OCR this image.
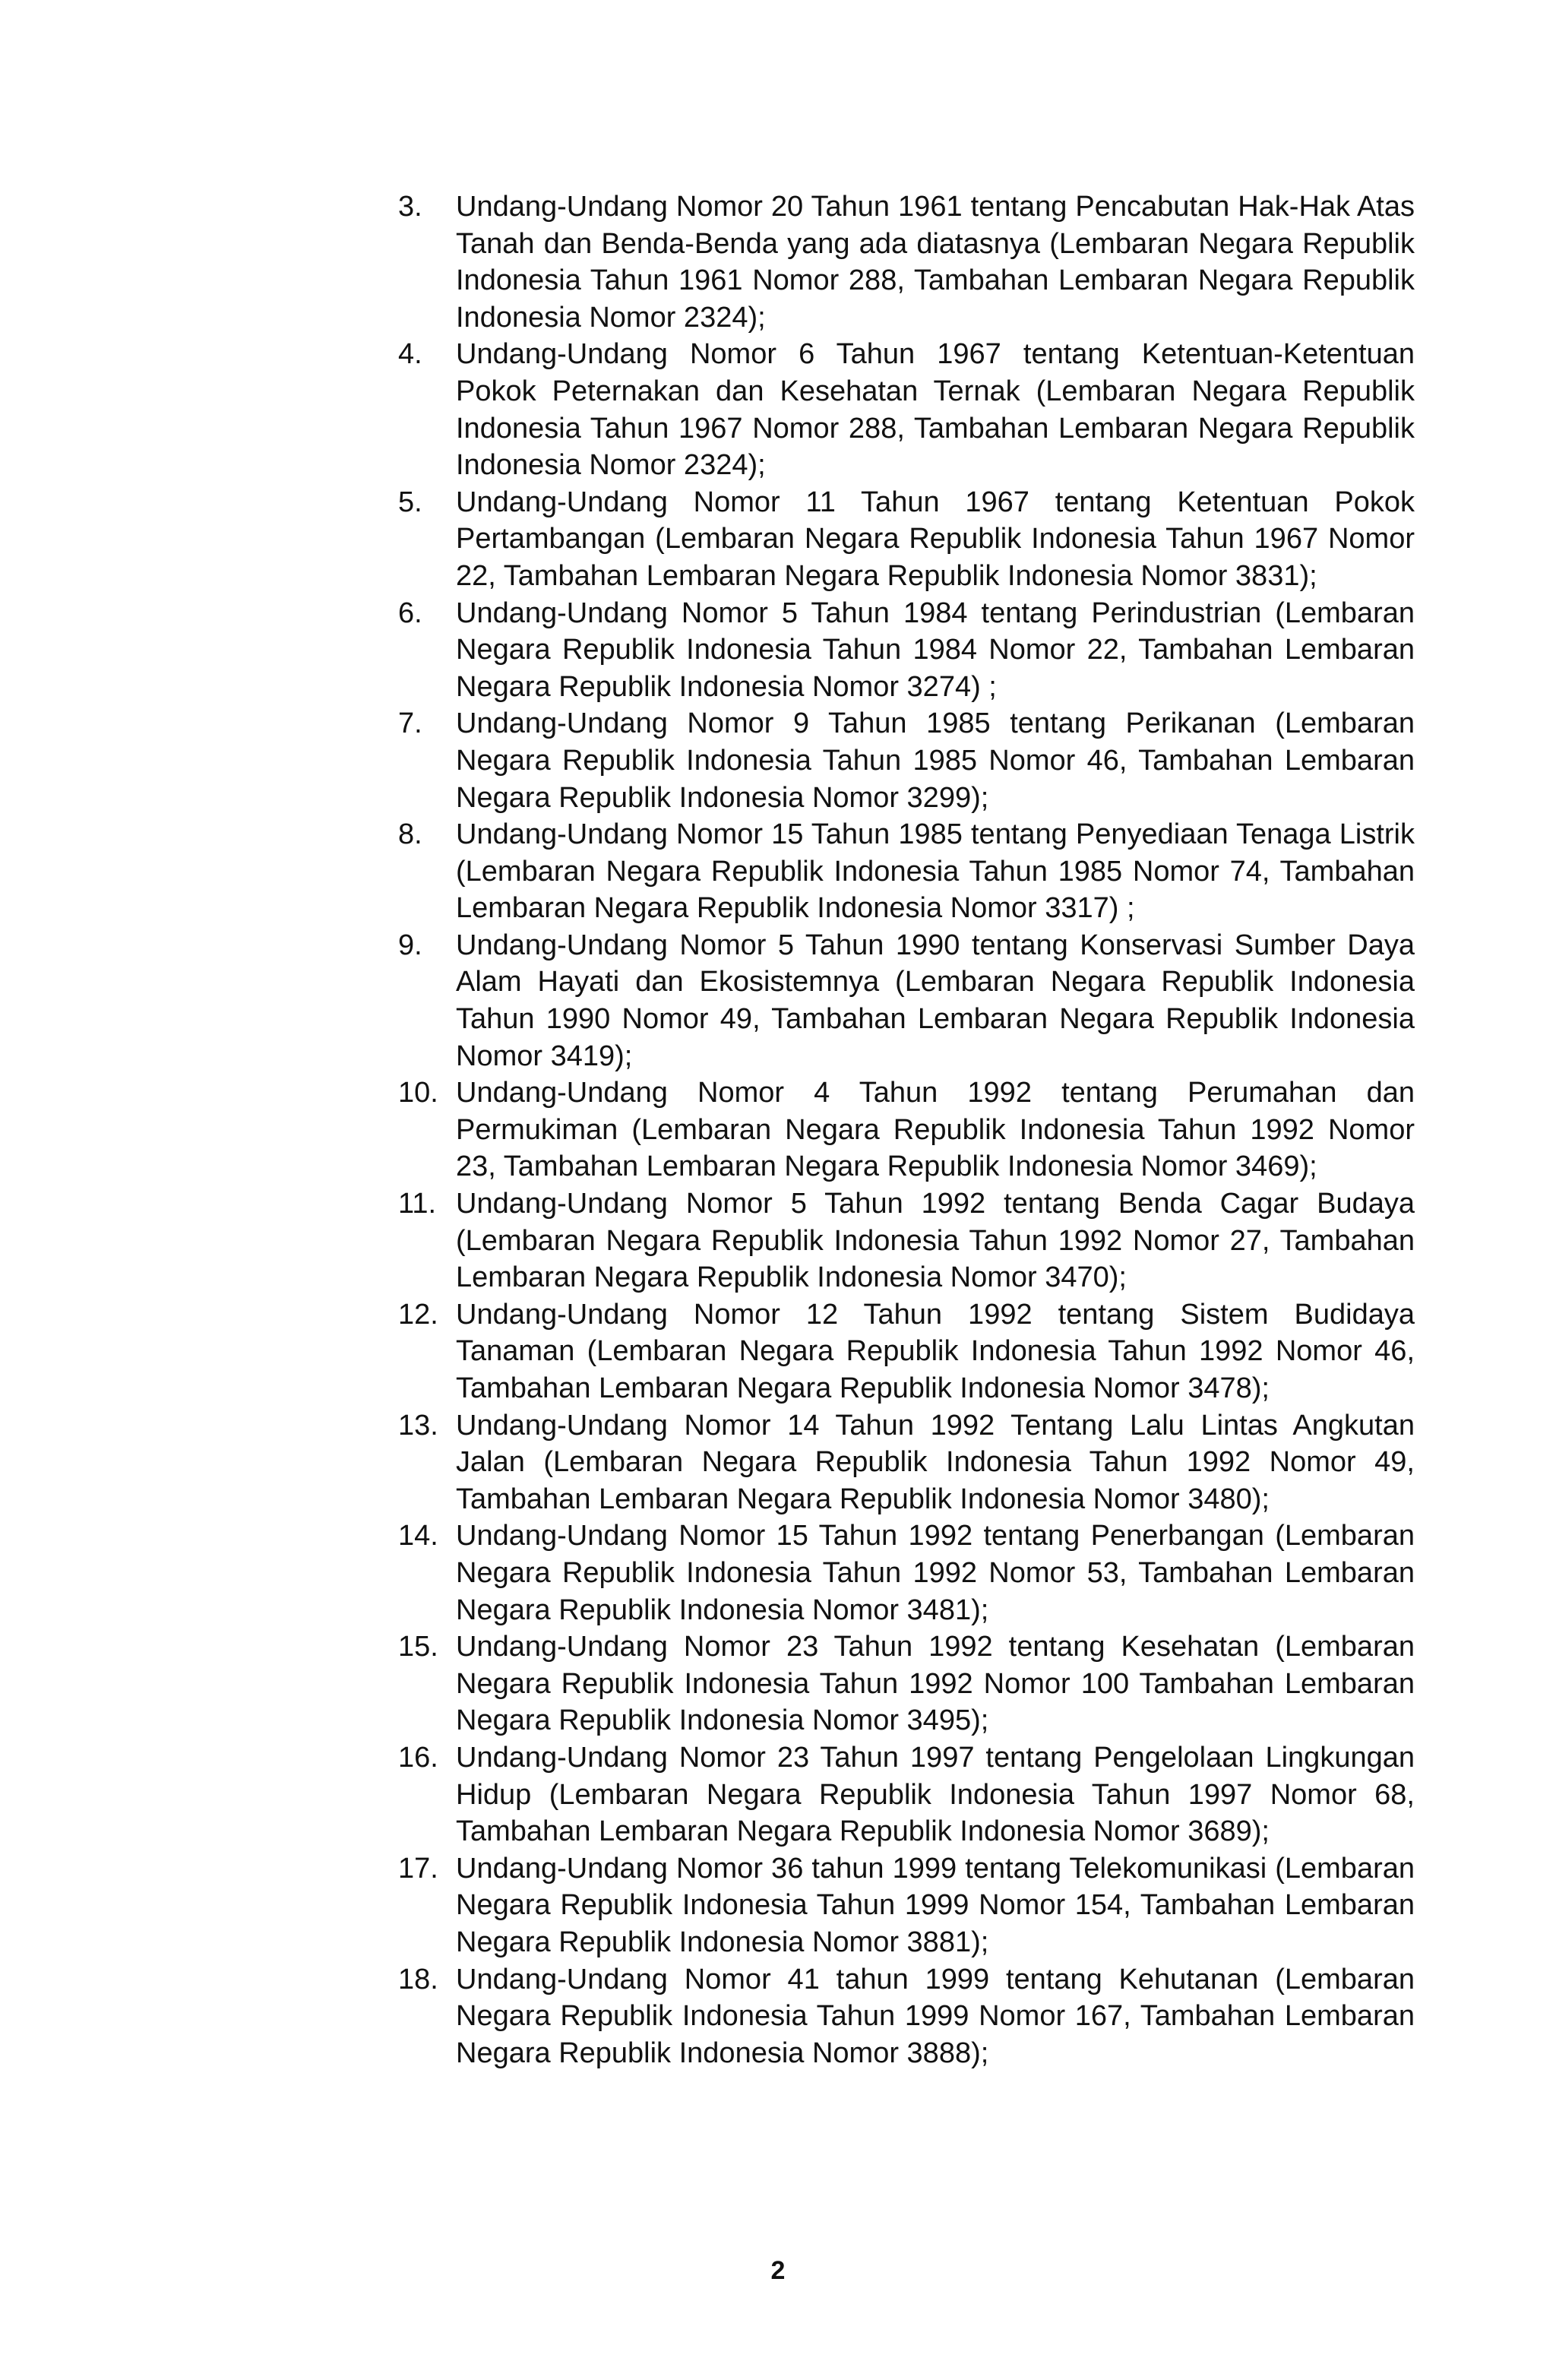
3.	Undang-Undang Nomor 20 Tahun 1961 tentang Pencabutan Hak-Hak Atas Tanah dan Benda-Benda yang ada diatasnya (Lembaran Negara Republik Indonesia Tahun 1961 Nomor 288, Tambahan Lembaran Negara Republik Indonesia Nomor 2324);
4.	Undang-Undang Nomor 6 Tahun 1967 tentang Ketentuan-Ketentuan Pokok Peternakan dan Kesehatan Ternak (Lembaran Negara Republik Indonesia Tahun 1967 Nomor 288, Tambahan Lembaran Negara Republik Indonesia Nomor 2324);
5.	Undang-Undang Nomor 11 Tahun 1967 tentang Ketentuan Pokok Pertambangan (Lembaran Negara Republik Indonesia Tahun 1967 Nomor 22, Tambahan Lembaran Negara Republik Indonesia Nomor 3831);
6.	Undang-Undang Nomor 5 Tahun 1984 tentang Perindustrian (Lembaran Negara Republik Indonesia Tahun 1984 Nomor 22, Tambahan Lembaran Negara Republik Indonesia Nomor 3274) ;
7.	Undang-Undang Nomor 9 Tahun 1985 tentang Perikanan (Lembaran Negara Republik Indonesia Tahun 1985 Nomor 46, Tambahan Lembaran Negara Republik Indonesia Nomor 3299);
8.	Undang-Undang Nomor 15 Tahun 1985 tentang Penyediaan Tenaga Listrik (Lembaran Negara Republik Indonesia Tahun 1985 Nomor 74, Tambahan Lembaran Negara Republik Indonesia Nomor 3317) ;
9.	Undang-Undang Nomor 5 Tahun 1990 tentang Konservasi Sumber Daya Alam Hayati dan Ekosistemnya (Lembaran Negara Republik Indonesia Tahun 1990 Nomor 49, Tambahan Lembaran Negara Republik Indonesia Nomor 3419);
10. Undang-Undang Nomor 4 Tahun 1992 tentang Perumahan dan Permukiman (Lembaran Negara Republik Indonesia Tahun 1992 Nomor 23, Tambahan Lembaran Negara Republik Indonesia Nomor 3469);
11. Undang-Undang Nomor 5 Tahun 1992 tentang Benda Cagar Budaya (Lembaran Negara Republik Indonesia Tahun 1992 Nomor 27, Tambahan Lembaran Negara Republik Indonesia Nomor 3470);
12. Undang-Undang Nomor 12 Tahun 1992 tentang Sistem Budidaya Tanaman (Lembaran Negara Republik Indonesia Tahun 1992 Nomor 46, Tambahan Lembaran Negara Republik Indonesia Nomor 3478);
13. Undang-Undang Nomor 14 Tahun 1992 Tentang Lalu Lintas Angkutan Jalan (Lembaran Negara Republik Indonesia Tahun 1992 Nomor 49, Tambahan Lembaran Negara Republik Indonesia Nomor 3480);
14. Undang-Undang Nomor 15 Tahun 1992 tentang Penerbangan (Lembaran Negara Republik Indonesia Tahun 1992 Nomor 53, Tambahan Lembaran Negara Republik Indonesia Nomor 3481);
15. Undang-Undang Nomor 23 Tahun 1992 tentang Kesehatan (Lembaran Negara Republik Indonesia Tahun 1992 Nomor 100 Tambahan Lembaran Negara Republik Indonesia Nomor 3495);
16. Undang-Undang Nomor 23 Tahun 1997 tentang Pengelolaan Lingkungan Hidup (Lembaran Negara Republik Indonesia Tahun 1997 Nomor 68, Tambahan Lembaran Negara Republik Indonesia Nomor 3689);
17. Undang-Undang Nomor 36 tahun 1999 tentang Telekomunikasi (Lembaran Negara Republik Indonesia Tahun 1999 Nomor 154, Tambahan Lembaran Negara Republik Indonesia Nomor 3881);
18. Undang-Undang Nomor 41 tahun 1999 tentang Kehutanan (Lembaran Negara Republik Indonesia Tahun 1999 Nomor 167, Tambahan Lembaran Negara Republik Indonesia Nomor 3888);
2
